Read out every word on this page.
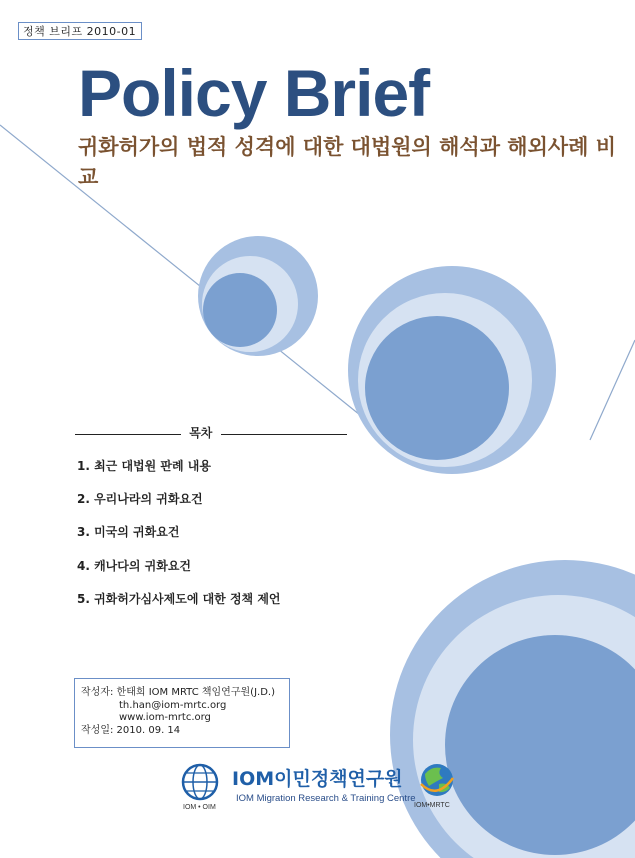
정책 브리프 2010-01
Policy Brief
귀화허가의 법적 성격에 대한 대법원의 해석과 해외사례 비교
목차
1. 최근 대법원 판례 내용
2. 우리나라의 귀화요건
3. 미국의 귀화요건
4. 캐나다의 귀화요건
5. 귀화허가심사제도에 대한 정책 제언
작성자: 한태희 IOM MRTC 책임연구원(J.D.)
th.han@iom-mrtc.org
www.iom-mrtc.org
작성일: 2010. 09. 14
IOM • OIM
IOM이민정책연구원
IOM Migration Research & Training Centre
IOM•MRTC
